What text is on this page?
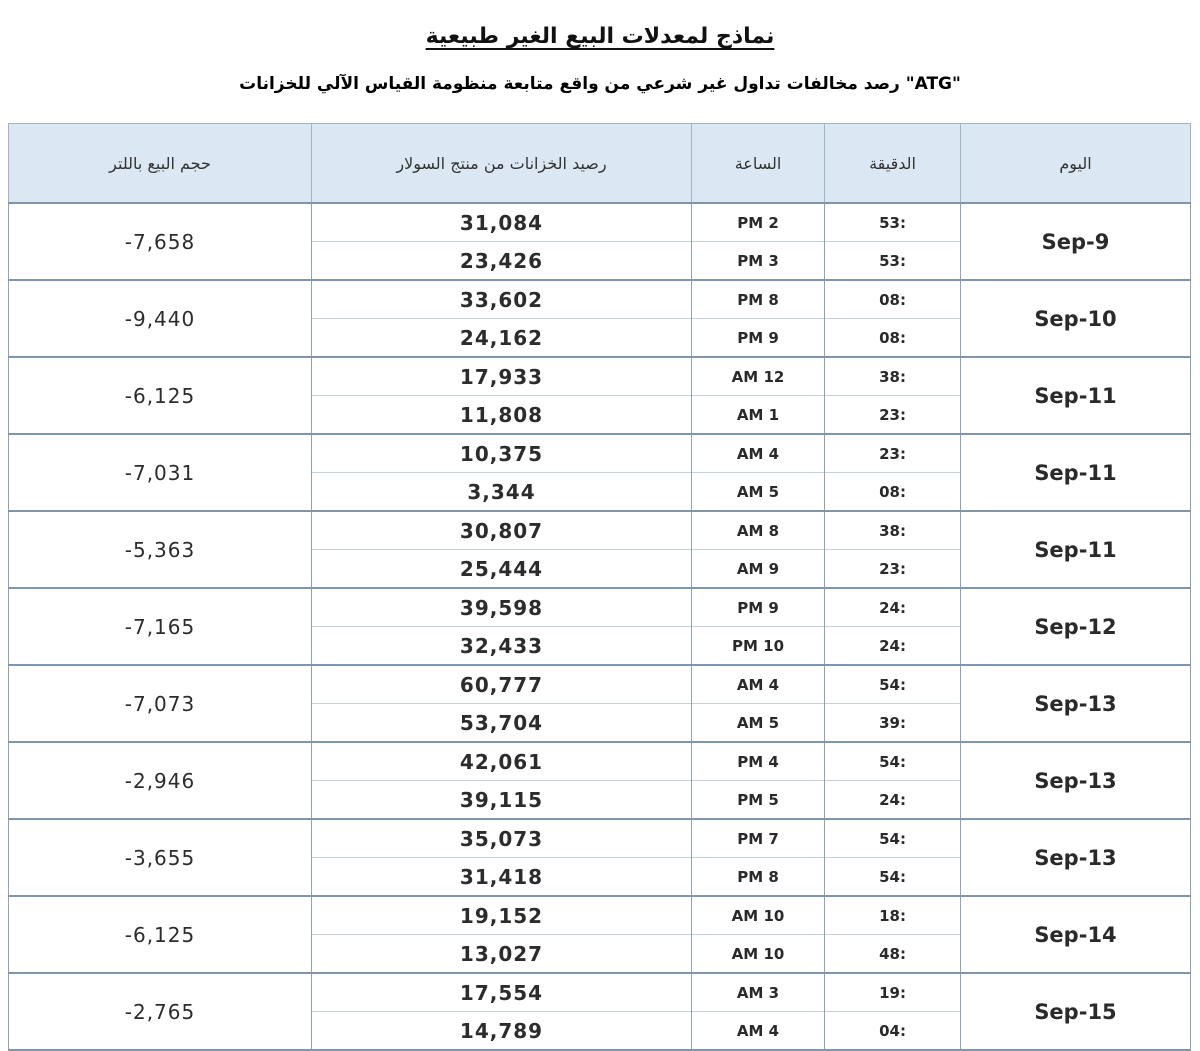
نماذج لمعدلات البيع الغير طبيعية
"ATG" رصد مخالفات تداول غير شرعي من واقع متابعة منظومة القياس الآلي للخزانات
اليوم	الدقيقة	الساعة	رصيد الخزانات من منتج السولار	حجم البيع باللتر
9-Sep	:53	2 PM	31,084	-7,658
	:53	3 PM	23,426	
10-Sep	:08	8 PM	33,602	-9,440
	:08	9 PM	24,162	
11-Sep	:38	12 AM	17,933	-6,125
	:23	1 AM	11,808	
11-Sep	:23	4 AM	10,375	-7,031
	:08	5 AM	3,344	
11-Sep	:38	8 AM	30,807	-5,363
	:23	9 AM	25,444	
12-Sep	:24	9 PM	39,598	-7,165
	:24	10 PM	32,433	
13-Sep	:54	4 AM	60,777	-7,073
	:39	5 AM	53,704	
13-Sep	:54	4 PM	42,061	-2,946
	:24	5 PM	39,115	
13-Sep	:54	7 PM	35,073	-3,655
	:54	8 PM	31,418	
14-Sep	:18	10 AM	19,152	-6,125
	:48	10 AM	13,027	
15-Sep	:19	3 AM	17,554	-2,765
	:04	4 AM	14,789	
